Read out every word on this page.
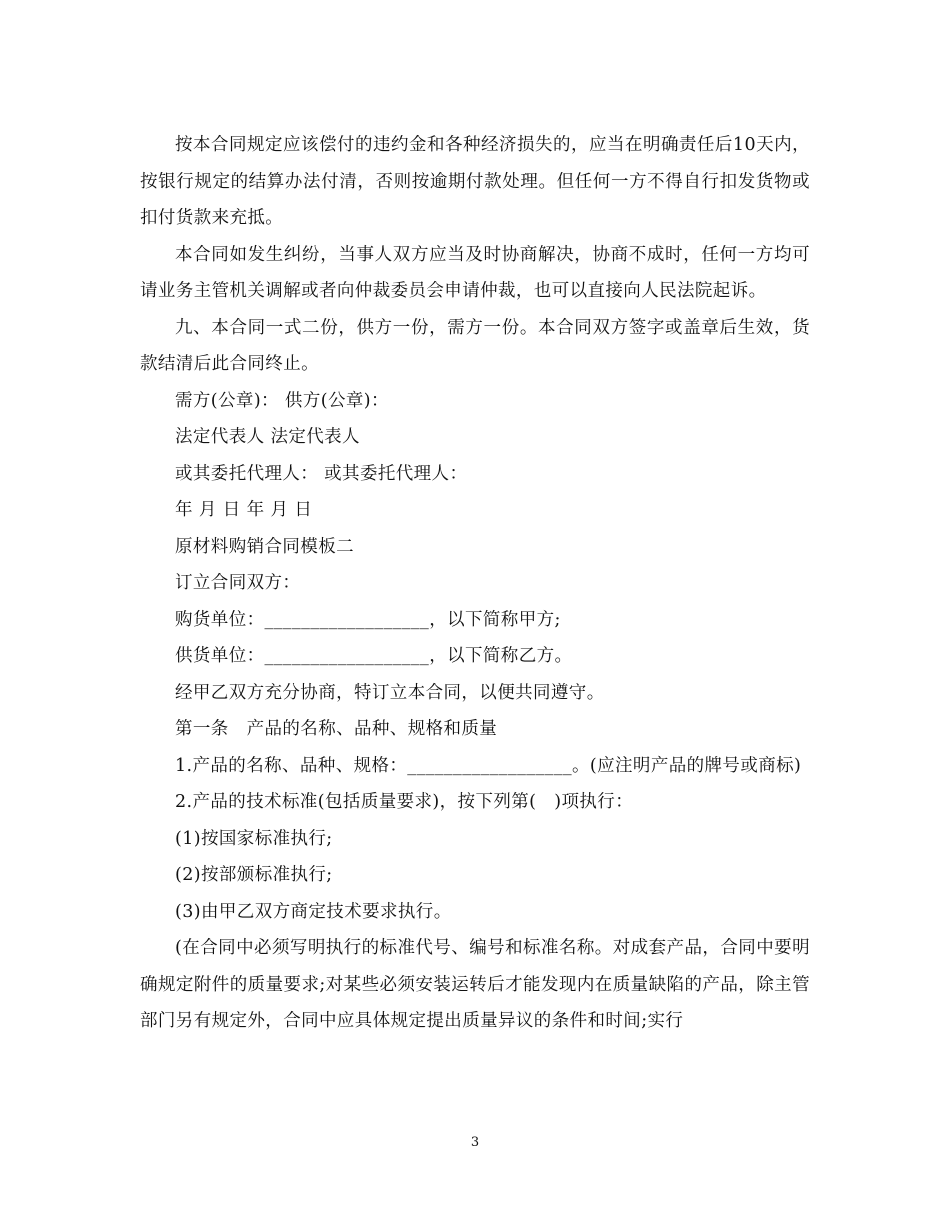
按本合同规定应该偿付的违约金和各种经济损失的，应当在明确责任后10天内，按银行规定的结算办法付清，否则按逾期付款处理。但任何一方不得自行扣发货物或扣付货款来充抵。

本合同如发生纠纷，当事人双方应当及时协商解决，协商不成时，任何一方均可请业务主管机关调解或者向仲裁委员会申请仲裁，也可以直接向人民法院起诉。

九、本合同一式二份，供方一份，需方一份。本合同双方签字或盖章后生效，货款结清后此合同终止。

需方(公章)： 供方(公章)：

法定代表人 法定代表人

或其委托代理人： 或其委托代理人：

年 月 日 年 月 日

原材料购销合同模板二

订立合同双方：

购货单位：__________________，以下简称甲方;

供货单位：__________________，以下简称乙方。

经甲乙双方充分协商，特订立本合同，以便共同遵守。

第一条　产品的名称、品种、规格和质量

1.产品的名称、品种、规格：__________________。(应注明产品的牌号或商标)

2.产品的技术标准(包括质量要求)，按下列第(　)项执行：

(1)按国家标准执行;

(2)按部颁标准执行;

(3)由甲乙双方商定技术要求执行。

(在合同中必须写明执行的标准代号、编号和标准名称。对成套产品，合同中要明确规定附件的质量要求;对某些必须安装运转后才能发现内在质量缺陷的产品，除主管部门另有规定外，合同中应具体规定提出质量异议的条件和时间;实行

3
